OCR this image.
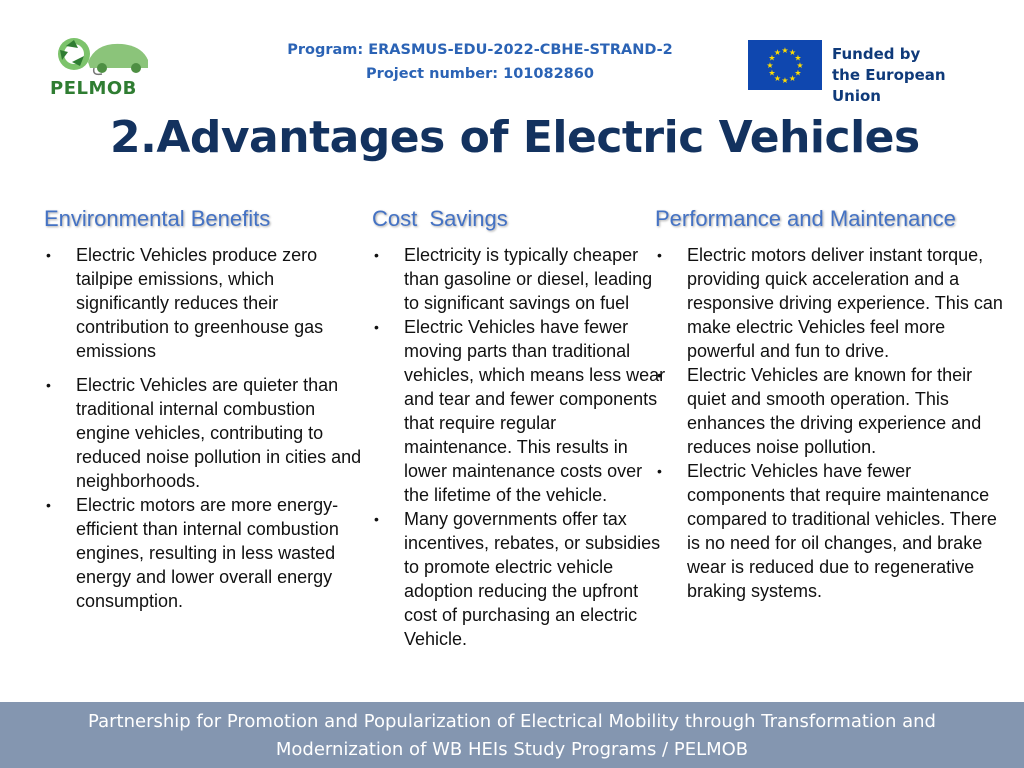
PELMOB
Program: ERASMUS-EDU-2022-CBHE-STRAND-2
Project number: 101082860
★ ★
★
★
★
★
★
★
★
★
★
★	Funded by
the European Union
2.Advantages of Electric Vehicles
Environmental Benefits
• Electric Vehicles produce zero tailpipe emissions, which significantly reduces their contribution to greenhouse gas emissions
• Electric Vehicles are quieter than traditional internal combustion engine vehicles, contributing to reduced noise pollution in cities and neighborhoods.
• Electric motors are more energy-efficient than internal combustion engines, resulting in less wasted energy and lower overall energy consumption.
Cost  Savings
• Electricity is typically cheaper than gasoline or diesel, leading to significant savings on fuel
• Electric Vehicles have fewer moving parts than traditional vehicles, which means less wear and tear and fewer components that require regular maintenance. This results in lower maintenance costs over the lifetime of the vehicle.
• Many governments offer tax incentives, rebates, or subsidies to promote electric vehicle adoption reducing the upfront cost of purchasing an electric Vehicle.
Performance and Maintenance
• Electric motors deliver instant torque, providing quick acceleration and a responsive driving experience. This can make electric Vehicles feel more powerful and fun to drive.
• Electric Vehicles are known for their quiet and smooth operation. This enhances the driving experience and reduces noise pollution.
• Electric Vehicles have fewer components that require maintenance compared to traditional vehicles. There is no need for oil changes, and brake wear is reduced due to regenerative braking systems.
Partnership for Promotion and Popularization of Electrical Mobility through Transformation and
Modernization of WB HEIs Study Programs / PELMOB
